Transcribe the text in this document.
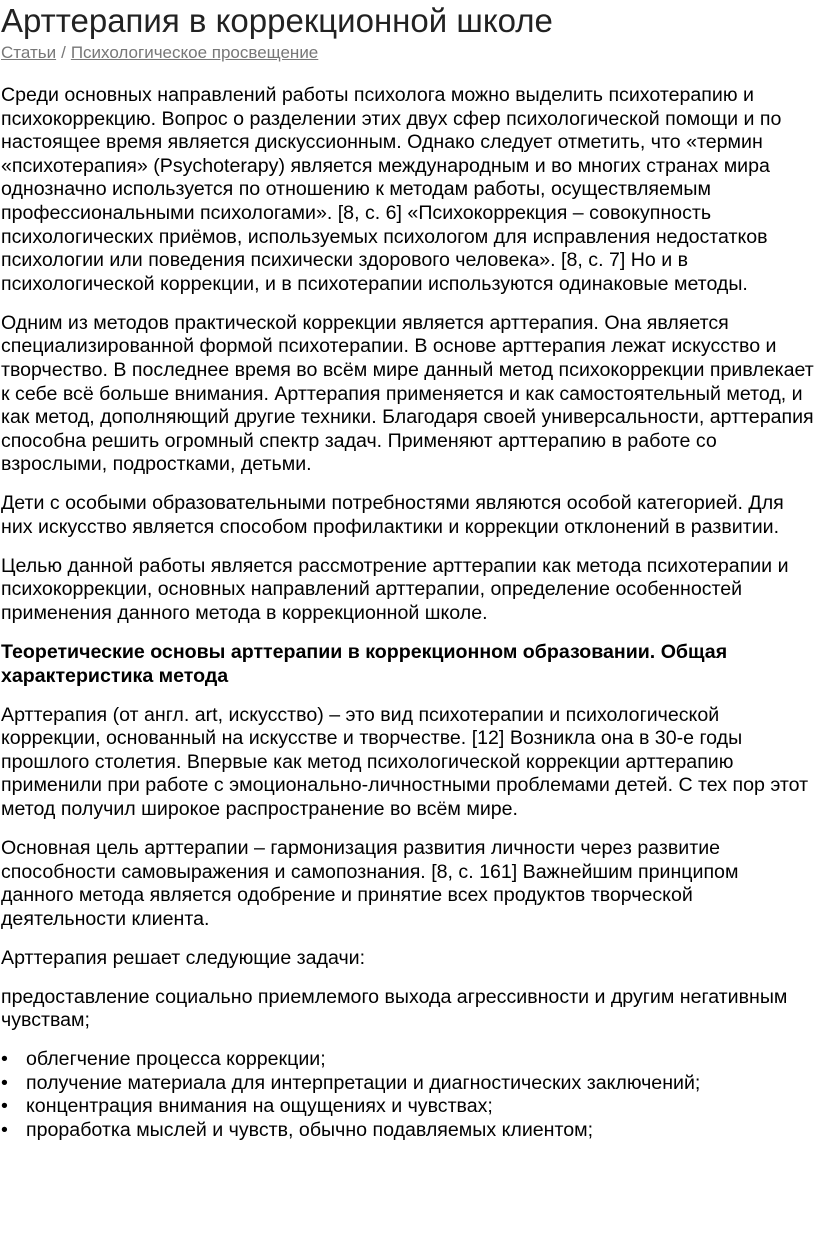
Арттерапия в коррекционной школе
Статьи / Психологическое просвещение

Среди основных направлений работы психолога можно выделить психотерапию и психокоррекцию. Вопрос о разделении этих двух сфер психологической помощи и по настоящее время является дискуссионным. Однако следует отметить, что «термин «психотерапия» (Psychoterapy) является международным и во многих странах мира однозначно используется по отношению к методам работы, осуществляемым профессиональными психологами». [8, с. 6] «Психокоррекция – совокупность психологических приёмов, используемых психологом для исправления недостатков психологии или поведения психически здорового человека». [8, с. 7] Но и в психологической коррекции, и в психотерапии используются одинаковые методы.

Одним из методов практической коррекции является арттерапия. Она является специализированной формой психотерапии. В основе арттерапия лежат искусство и творчество. В последнее время во всём мире данный метод психокоррекции привлекает к себе всё больше внимания. Арттерапия применяется и как самостоятельный метод, и как метод, дополняющий другие техники. Благодаря своей универсальности, арттерапия способна решить огромный спектр задач. Применяют арттерапию в работе со взрослыми, подростками, детьми.

Дети с особыми образовательными потребностями являются особой категорией. Для них искусство является способом профилактики и коррекции отклонений в развитии.

Целью данной работы является рассмотрение арттерапии как метода психотерапии и психокоррекции, основных направлений арттерапии, определение особенностей применения данного метода в коррекционной школе.

Теоретические основы арттерапии в коррекционном образовании. Общая характеристика метода

Арттерапия (от англ. art, искусство) – это вид психотерапии и психологической коррекции, основанный на искусстве и творчестве. [12] Возникла она в 30-е годы прошлого столетия. Впервые как метод психологической коррекции арттерапию применили при работе с эмоционально-личностными проблемами детей. С тех пор этот метод получил широкое распространение во всём мире.

Основная цель арттерапии – гармонизация развития личности через развитие способности самовыражения и самопознания. [8, с. 161] Важнейшим принципом данного метода является одобрение и принятие всех продуктов творческой деятельности клиента.

Арттерапия решает следующие задачи:

предоставление социально приемлемого выхода агрессивности и другим негативным чувствам;

• облегчение процесса коррекции;
• получение материала для интерпретации и диагностических заключений;
• концентрация внимания на ощущениях и чувствах;
• проработка мыслей и чувств, обычно подавляемых клиентом;
